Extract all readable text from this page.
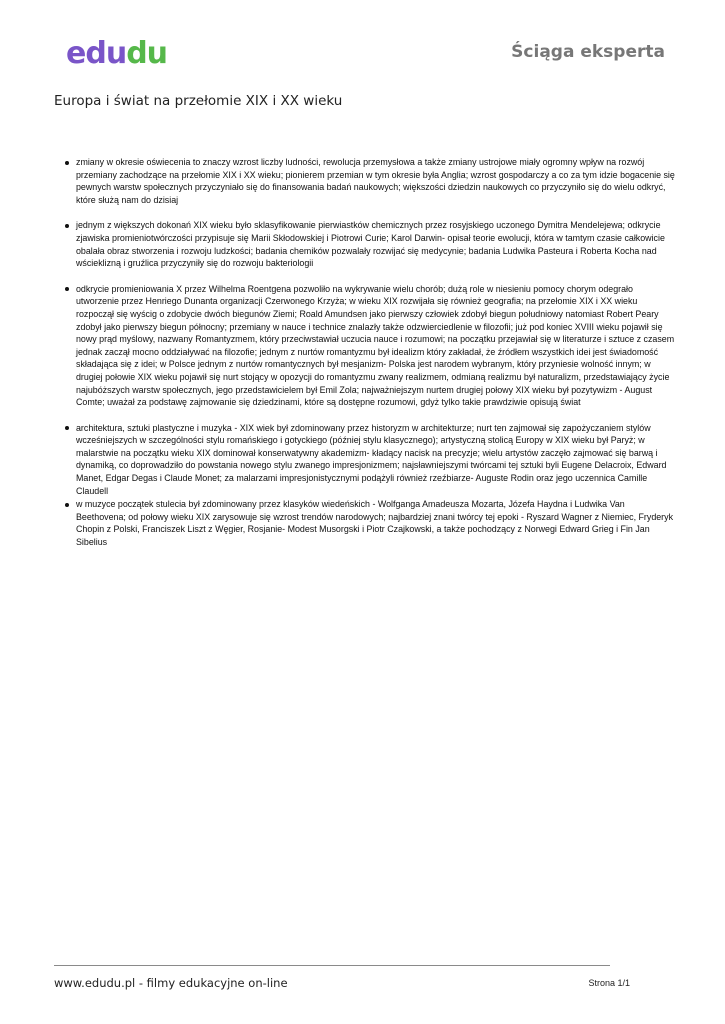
edudu	Ściąga eksperta
Europa i świat na przełomie XIX i XX wieku
zmiany w okresie oświecenia to znaczy wzrost liczby ludności, rewolucja przemysłowa a także zmiany ustrojowe miały ogromny wpływ na rozwój przemiany zachodzące na przełomie XIX i XX wieku; pionierem przemian w tym okresie była Anglia; wzrost gospodarczy a co za tym idzie bogacenie się pewnych warstw społecznych przyczyniało się do finansowania badań naukowych; większości dziedzin naukowych co przyczyniło się do wielu odkryć, które służą nam do dzisiaj
jednym z większych dokonań XIX wieku było sklasyfikowanie pierwiastków chemicznych przez rosyjskiego uczonego Dymitra Mendelejewa; odkrycie zjawiska promieniotwórczości przypisuje się Marii Skłodowskiej i Piotrowi Curie; Karol Darwin- opisał teorie ewolucji, która w tamtym czasie całkowicie obalała obraz stworzenia i rozwoju ludzkości; badania chemików pozwalały rozwijać się medycynie; badania Ludwika Pasteura i Roberta Kocha nad wścieklizną i gruźlica przyczyniły się do rozwoju bakteriologii
odkrycie promieniowania X przez Wilhelma Roentgena pozwoliło na wykrywanie wielu chorób; dużą role w niesieniu pomocy chorym odegrało utworzenie przez Henriego Dunanta organizacji Czerwonego Krzyża; w wieku XIX rozwijała się również geografia; na przełomie XIX i XX wieku rozpoczął się wyścig o zdobycie dwóch biegunów Ziemi; Roald Amundsen jako pierwszy człowiek zdobył biegun południowy natomiast Robert Peary zdobył jako pierwszy biegun północny; przemiany w nauce i technice znalazły także odzwierciedlenie w filozofii; już pod koniec XVIII wieku pojawił się nowy prąd myślowy, nazwany Romantyzmem, który przeciwstawiał uczucia nauce i rozumowi; na początku przejawiał się w literaturze i sztuce z czasem jednak zaczął mocno oddziaływać na filozofie; jednym z nurtów romantyzmu był idealizm który zakładał, że źródłem wszystkich idei jest świadomość składająca się z idei; w Polsce jednym z nurtów romantycznych był mesjanizm- Polska jest narodem wybranym, który przyniesie wolność innym; w drugiej połowie XIX wieku pojawił się nurt stojący w opozycji do romantyzmu zwany realizmem, odmianą realizmu był naturalizm, przedstawiający życie najubóższych warstw społecznych, jego przedstawicielem był Emil Zola; najważniejszym nurtem drugiej połowy XIX wieku był pozytywizm - August Comte; uważał za podstawę zajmowanie się dziedzinami, które są dostępne rozumowi, gdyż tylko takie prawdziwie opisują świat
architektura, sztuki plastyczne i muzyka - XIX wiek był zdominowany przez historyzm w architekturze; nurt ten zajmował się zapożyczaniem stylów wcześniejszych w szczególności stylu romańskiego i gotyckiego (później stylu klasycznego); artystyczną stolicą Europy w XIX wieku był Paryż; w malarstwie na początku wieku XIX dominował konserwatywny akademizm- kładący nacisk na precyzje; wielu artystów zaczęło zajmować się barwą i dynamiką, co doprowadziło do powstania nowego stylu zwanego impresjonizmem; najsławniejszymi twórcami tej sztuki byli Eugene Delacroix, Edward Manet, Edgar Degas i Claude Monet; za malarzami impresjonistycznymi podążyli również rzeźbiarze- Auguste Rodin oraz jego uczennica Camille Claudell
w muzyce początek stulecia był zdominowany przez klasyków wiedeńskich - Wolfganga Amadeusza Mozarta, Józefa Haydna i Ludwika Van Beethovena; od połowy wieku XIX zarysowuje się wzrost trendów narodowych; najbardziej znani twórcy tej epoki - Ryszard Wagner z Niemiec, Fryderyk Chopin z Polski, Franciszek Liszt z Węgier, Rosjanie- Modest Musorgski i Piotr Czajkowski, a także pochodzący z Norwegi Edward Grieg i Fin Jan Sibelius
www.edudu.pl - filmy edukacyjne on-line	Strona 1/1
